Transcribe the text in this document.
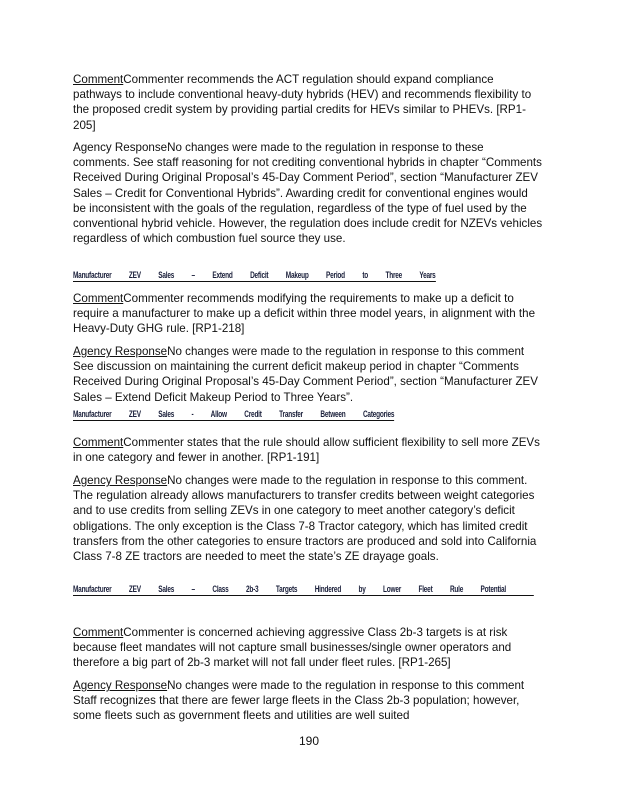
CommentCommenter recommends the ACT regulation should expand compliance pathways to include conventional heavy-duty hybrids (HEV) and recommends flexibility to the proposed credit system by providing partial credits for HEVs similar to PHEVs. [RP1-205]

Agency ResponseNo changes were made to the regulation in response to these comments. See staff reasoning for not crediting conventional hybrids in chapter “Comments Received During Original Proposal’s 45-Day Comment Period”, section “Manufacturer ZEV Sales – Credit for Conventional Hybrids”. Awarding credit for conventional engines would be inconsistent with the goals of the regulation, regardless of the type of fuel used by the conventional hybrid vehicle. However, the regulation does include credit for NZEVs vehicles regardless of which combustion fuel source they use.

Manufacturer ZEV Sales – Extend Deficit Makeup Period to Three Years

CommentCommenter recommends modifying the requirements to make up a deficit to require a manufacturer to make up a deficit within three model years, in alignment with the Heavy-Duty GHG rule. [RP1-218]

Agency ResponseNo changes were made to the regulation in response to this comment See discussion on maintaining the current deficit makeup period in chapter “Comments Received During Original Proposal’s 45-Day Comment Period”, section “Manufacturer ZEV Sales – Extend Deficit Makeup Period to Three Years”.

Manufacturer ZEV Sales - Allow Credit Transfer Between Categories

CommentCommenter states that the rule should allow sufficient flexibility to sell more ZEVs in one category and fewer in another. [RP1-191]

Agency ResponseNo changes were made to the regulation in response to this comment. The regulation already allows manufacturers to transfer credits between weight categories and to use credits from selling ZEVs in one category to meet another category’s deficit obligations. The only exception is the Class 7-8 Tractor category, which has limited credit transfers from the other categories to ensure tractors are produced and sold into California Class 7-8 ZE tractors are needed to meet the state’s ZE drayage goals.

Manufacturer ZEV Sales – Class 2b-3 Targets Hindered by Lower Fleet Rule Potential

CommentCommenter is concerned achieving aggressive Class 2b-3 targets is at risk because fleet mandates will not capture small businesses/single owner operators and therefore a big part of 2b-3 market will not fall under fleet rules. [RP1-265]

Agency ResponseNo changes were made to the regulation in response to this comment Staff recognizes that there are fewer large fleets in the Class 2b-3 population; however, some fleets such as government fleets and utilities are well suited

190
